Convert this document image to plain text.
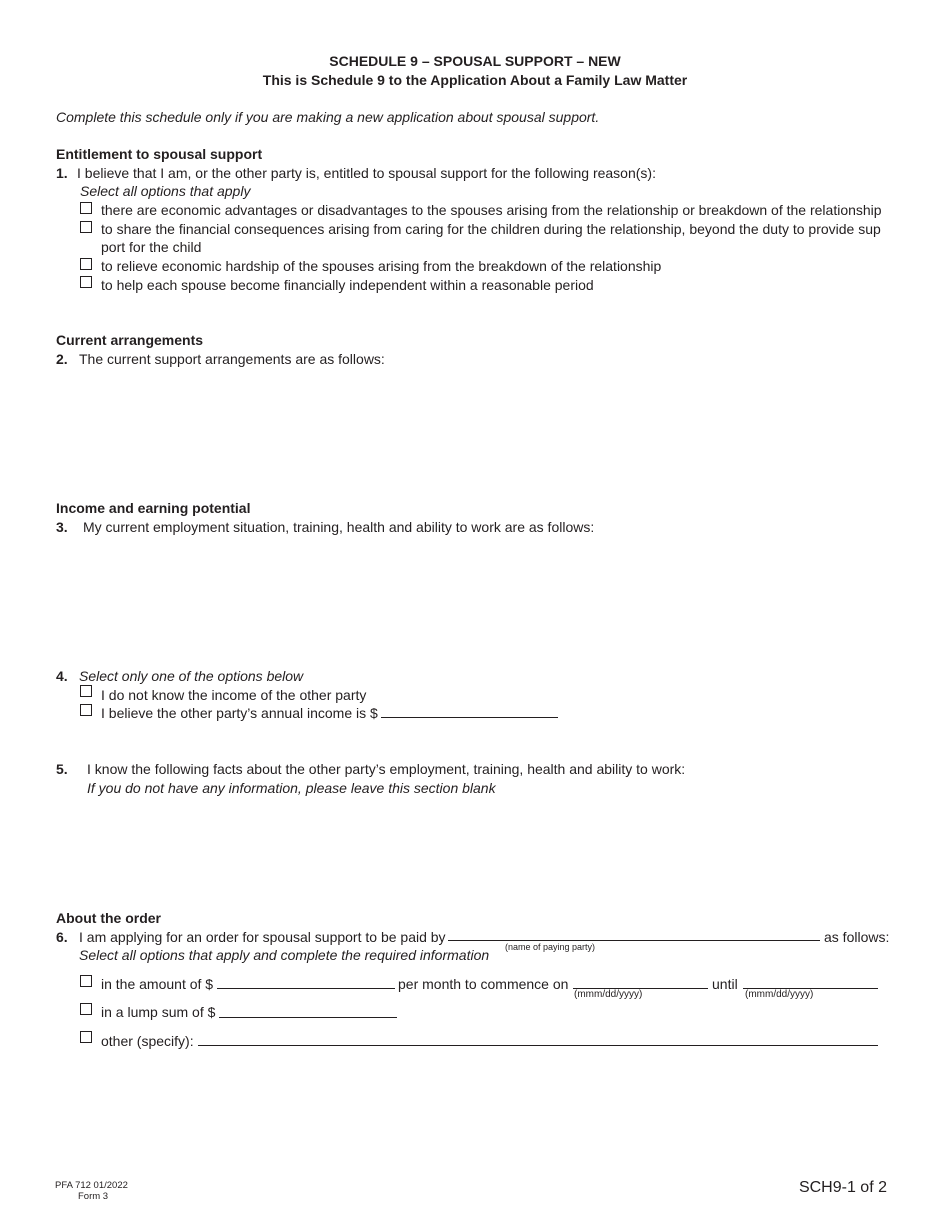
SCHEDULE 9 – SPOUSAL SUPPORT – NEW
This is Schedule 9 to the Application About a Family Law Matter
Complete this schedule only if you are making a new application about spousal support.
Entitlement to spousal support
1. I believe that I am, or the other party is, entitled to spousal support for the following reason(s):
Select all options that apply
there are economic advantages or disadvantages to the spouses arising from the relationship or breakdown of the relationship
to share the financial consequences arising from caring for the children during the relationship, beyond the duty to provide sup
port for the child
to relieve economic hardship of the spouses arising from the breakdown of the relationship
to help each spouse become financially independent within a reasonable period
Current arrangements
2. The current support arrangements are as follows:
Income and earning potential
3. My current employment situation, training, health and ability to work are as follows:
4. Select only one of the options below
I do not know the income of the other party
I believe the other party’s annual income is $
5. I know the following facts about the other party’s employment, training, health and ability to work:
If you do not have any information, please leave this section blank
About the order
6. I am applying for an order for spousal support to be paid by	as follows:
(name of paying party)
Select all options that apply and complete the required information
in the amount of $	per month to commence on
(mmm/dd/yyyy)
until
(mmm/dd/yyyy)
in a lump sum of $
other (specify):
PFA 712 01/2022
Form 3
SCH9-1 of 2
